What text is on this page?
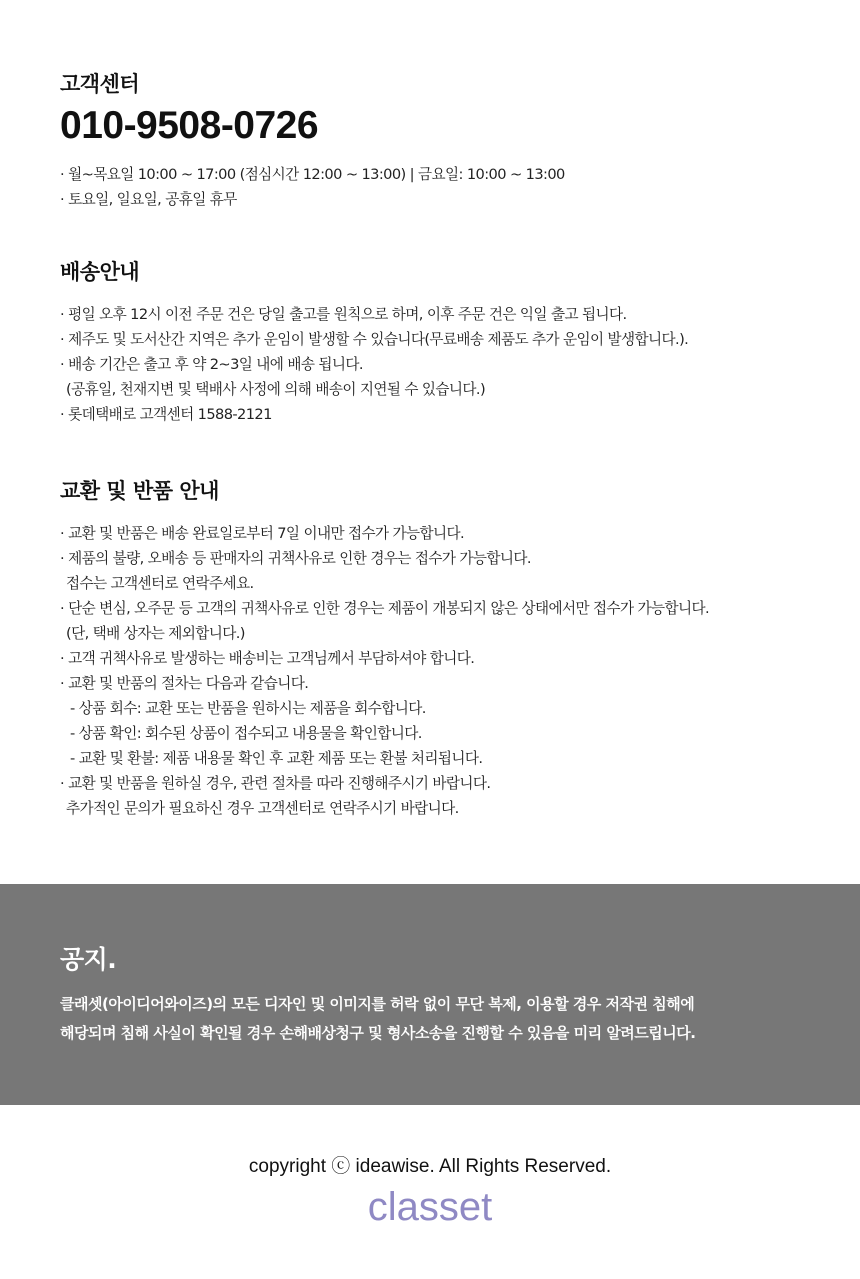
고객센터
010-9508-0726
· 월~목요일 10:00 ~ 17:00 (점심시간 12:00 ~ 13:00) | 금요일: 10:00 ~ 13:00
· 토요일, 일요일, 공휴일 휴무
배송안내
· 평일 오후 12시 이전 주문 건은 당일 출고를 원칙으로 하며, 이후 주문 건은 익일 출고 됩니다.
· 제주도 및 도서산간 지역은 추가 운임이 발생할 수 있습니다(무료배송 제품도 추가 운임이 발생합니다.).
· 배송 기간은 출고 후 약 2~3일 내에 배송 됩니다.
(공휴일, 천재지변 및 택배사 사정에 의해 배송이 지연될 수 있습니다.)
· 롯데택배로 고객센터 1588-2121
교환 및 반품 안내
· 교환 및 반품은 배송 완료일로부터 7일 이내만 접수가 가능합니다.
· 제품의 불량, 오배송 등 판매자의 귀책사유로 인한 경우는 접수가 가능합니다.
접수는 고객센터로 연락주세요.
· 단순 변심, 오주문 등 고객의 귀책사유로 인한 경우는 제품이 개봉되지 않은 상태에서만 접수가 가능합니다.
(단, 택배 상자는 제외합니다.)
· 고객 귀책사유로 발생하는 배송비는 고객님께서 부담하셔야 합니다.
· 교환 및 반품의 절차는 다음과 같습니다.
- 상품 회수: 교환 또는 반품을 원하시는 제품을 회수합니다.
- 상품 확인: 회수된 상품이 접수되고 내용물을 확인합니다.
- 교환 및 환불: 제품 내용물 확인 후 교환 제품 또는 환불 처리됩니다.
· 교환 및 반품을 원하실 경우, 관련 절차를 따라 진행해주시기 바랍니다.
추가적인 문의가 필요하신 경우 고객센터로 연락주시기 바랍니다.
공지.

클래셋(아이디어와이즈)의 모든 디자인 및 이미지를 허락 없이 무단 복제, 이용할 경우 저작권 침해에
해당되며 침해 사실이 확인될 경우 손해배상청구 및 형사소송을 진행할 수 있음을 미리 알려드립니다.

copyright ⓒ ideawise. All Rights Reserved.

classet
